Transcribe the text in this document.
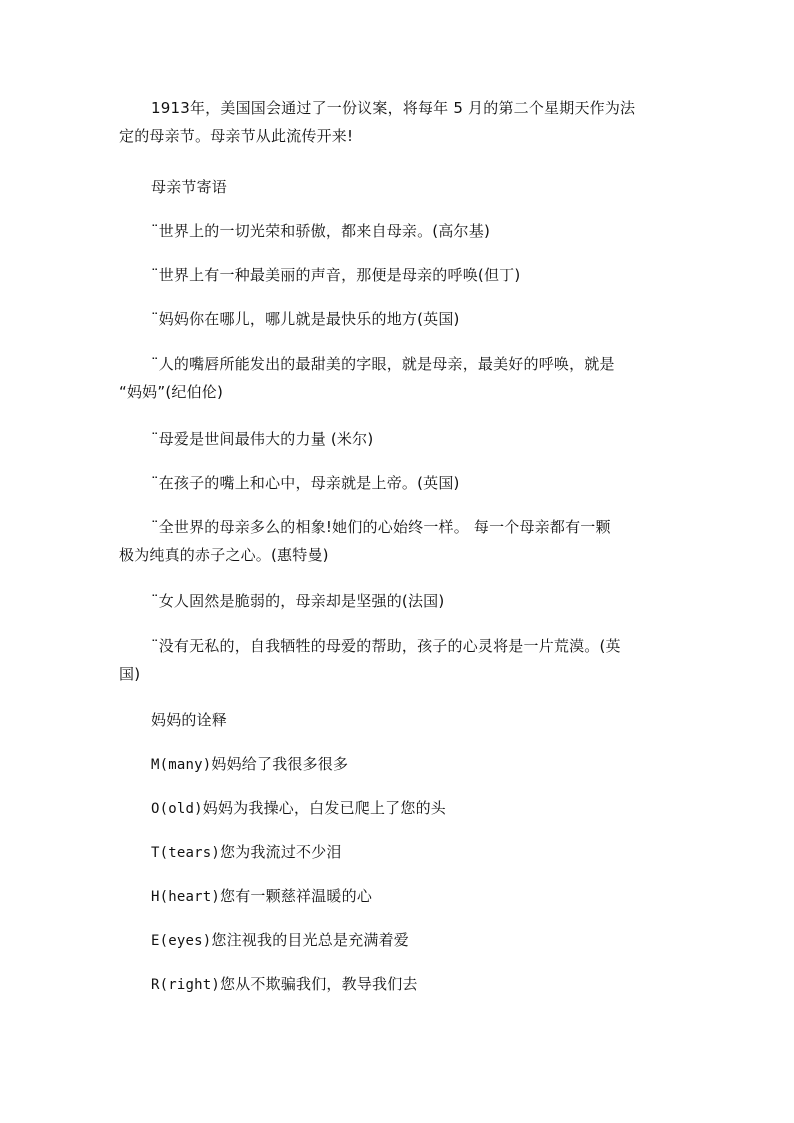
1913年，美国国会通过了一份议案，将每年 5 月的第二个星期天作为法
定的母亲节。母亲节从此流传开来!
母亲节寄语
¨世界上的一切光荣和骄傲，都来自母亲。(高尔基)
¨世界上有一种最美丽的声音，那便是母亲的呼唤(但丁)
¨妈妈你在哪儿，哪儿就是最快乐的地方(英国)
¨人的嘴唇所能发出的最甜美的字眼，就是母亲，最美好的呼唤，就是
“妈妈”(纪伯伦)
¨母爱是世间最伟大的力量 (米尔)
¨在孩子的嘴上和心中，母亲就是上帝。(英国)
¨全世界的母亲多么的相象!她们的心始终一样。 每一个母亲都有一颗
极为纯真的赤子之心。(惠特曼)
¨女人固然是脆弱的，母亲却是坚强的(法国)
¨没有无私的，自我牺牲的母爱的帮助，孩子的心灵将是一片荒漠。(英
国)
妈妈的诠释
M(many)妈妈给了我很多很多
O(old)妈妈为我操心，白发已爬上了您的头
T(tears)您为我流过不少泪
H(heart)您有一颗慈祥温暖的心
E(eyes)您注视我的目光总是充满着爱
R(right)您从不欺骗我们，教导我们去
